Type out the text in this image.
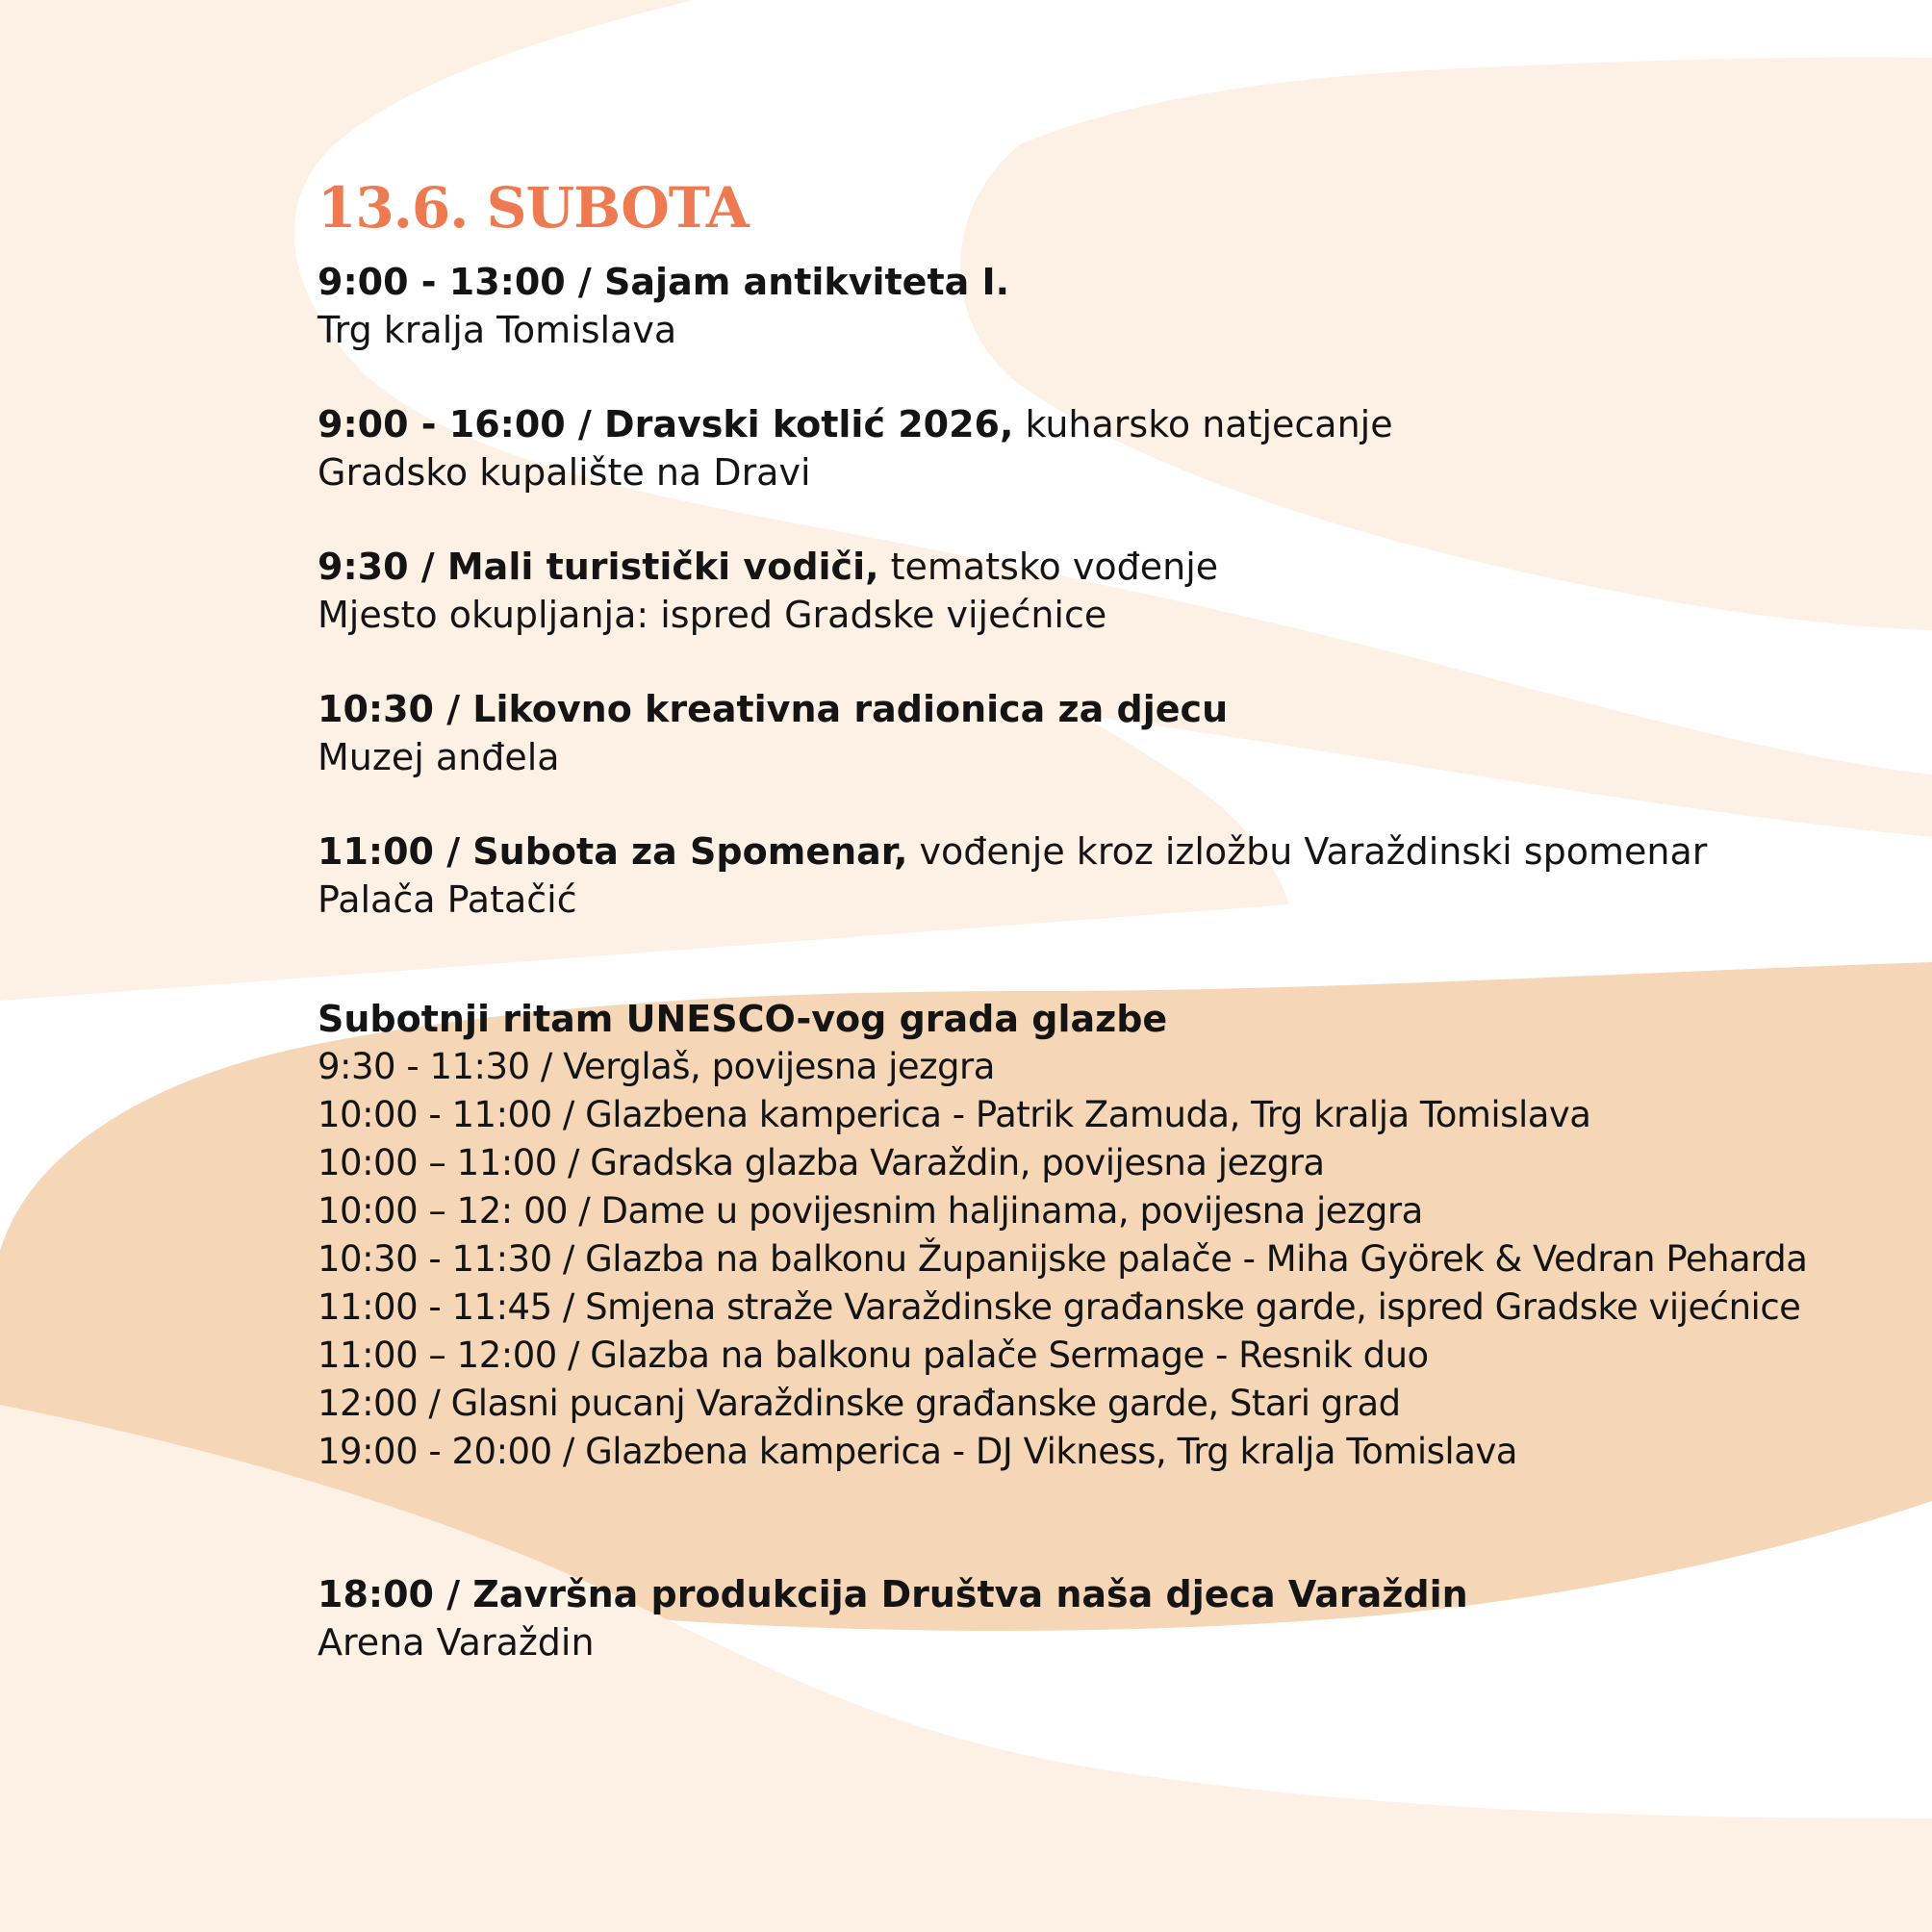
13.6. SUBOTA
9:00 - 13:00 / Sajam antikviteta I.
Trg kralja Tomislava
9:00 - 16:00 / Dravski kotlić 2026, kuharsko natjecanje
Gradsko kupalište na Dravi
9:30 / Mali turistički vodiči, tematsko vođenje
Mjesto okupljanja: ispred Gradske vijećnice
10:30 / Likovno kreativna radionica za djecu
Muzej anđela
11:00 / Subota za Spomenar, vođenje kroz izložbu Varaždinski spomenar
Palača Patačić
Subotnji ritam UNESCO-vog grada glazbe
9:30 - 11:30 / Verglaš, povijesna jezgra
10:00 - 11:00 / Glazbena kamperica - Patrik Zamuda, Trg kralja Tomislava
10:00 – 11:00 / Gradska glazba Varaždin, povijesna jezgra
10:00 – 12: 00 / Dame u povijesnim haljinama, povijesna jezgra
10:30 - 11:30 / Glazba na balkonu Županijske palače - Miha Györek & Vedran Peharda
11:00 - 11:45 / Smjena straže Varaždinske građanske garde, ispred Gradske vijećnice
11:00 – 12:00 / Glazba na balkonu palače Sermage - Resnik duo
12:00 / Glasni pucanj Varaždinske građanske garde, Stari grad
19:00 - 20:00 / Glazbena kamperica - DJ Vikness, Trg kralja Tomislava
18:00 / Završna produkcija Društva naša djeca Varaždin
Arena Varaždin
